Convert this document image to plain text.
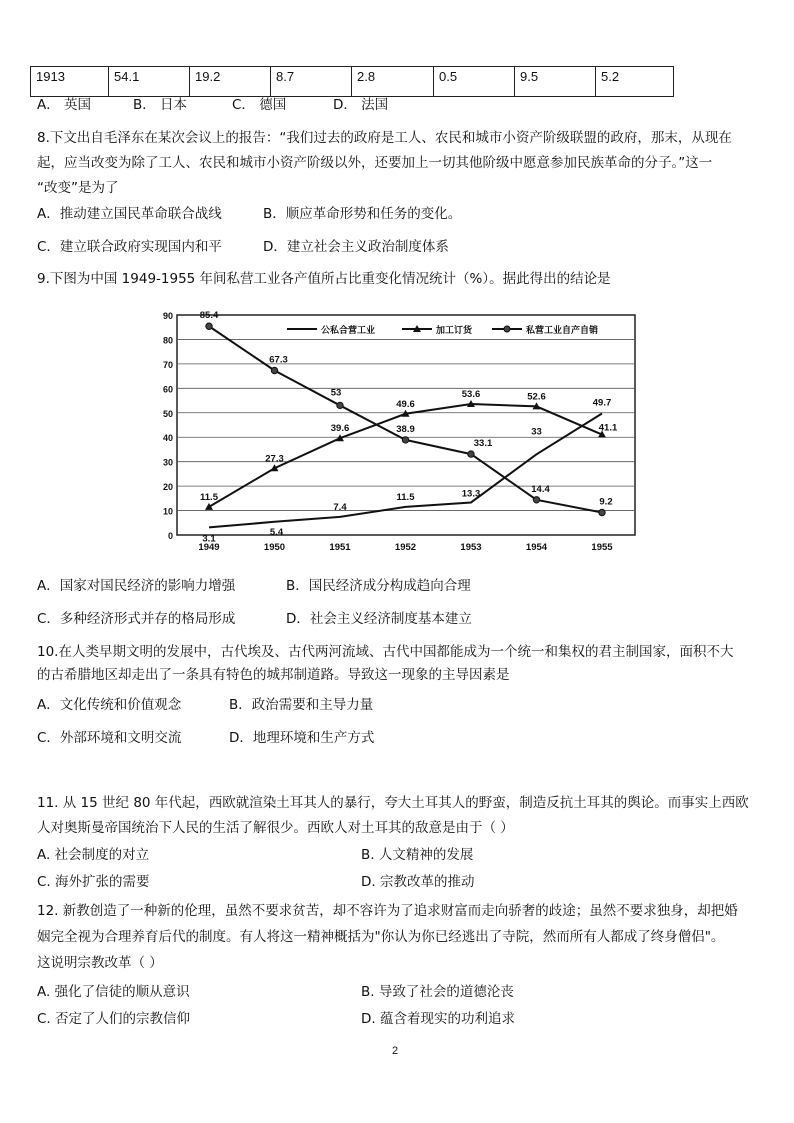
1913	54.1	19.2	8.7	2.8	0.5	9.5	5.2
A． 英国	B． 日本	C． 德国	D． 法国
8.下文出自毛泽东在某次会议上的报告：“我们过去的政府是工人、农民和城市小资产阶级联盟的政府，那末，从现在
起，应当改变为除了工人、农民和城市小资产阶级以外，还要加上一切其他阶级中愿意参加民族革命的分子。”这一
“改变”是为了
A．推动建立国民革命联合战线	B．顺应革命形势和任务的变化。
C．建立联合政府实现国内和平	D．建立社会主义政治制度体系
9.下图为中国 1949-1955 年间私营工业各产值所占比重变化情况统计（%）。据此得出的结论是
0
10
20
30
40
50
60
70
80
90
1949	1950	1951	1952	1953	1954	1955
3.1
5.4
7.4
11.5	13.3
33
49.7
11.5
27.3
39.6
49.6
53.6	52.6
41.1
85.4
67.3
53
38.9
33.1
14.4
9.2
公私合营工业	加工订货	私营工业自产自销
A．国家对国民经济的影响力增强	B．国民经济成分构成趋向合理
C．多种经济形式并存的格局形成	D．社会主义经济制度基本建立
10.在人类早期文明的发展中，古代埃及、古代两河流域、古代中国都能成为一个统一和集权的君主制国家，面积不大
的古希腊地区却走出了一条具有特色的城邦制道路。导致这一现象的主导因素是
A．文化传统和价值观念	B．政治需要和主导力量
C．外部环境和文明交流	D．地理环境和生产方式
11. 从 15 世纪 80 年代起，西欧就渲染土耳其人的暴行，夸大土耳其人的野蛮，制造反抗土耳其的舆论。而事实上西欧
人对奥斯曼帝国统治下人民的生活了解很少。西欧人对土耳其的敌意是由于（ ）
A. 社会制度的对立	B. 人文精神的发展
C. 海外扩张的需要	D. 宗教改革的推动
12. 新教创造了一种新的伦理，虽然不要求贫苦，却不容许为了追求财富而走向骄奢的歧途；虽然不要求独身，却把婚
姻完全视为合理养育后代的制度。有人将这一精神概括为"你认为你已经逃出了寺院，然而所有人都成了终身僧侣"。
这说明宗教改革（ ）
A. 强化了信徒的顺从意识	B. 导致了社会的道德沦丧
C. 否定了人们的宗教信仰	D. 蕴含着现实的功利追求
2
